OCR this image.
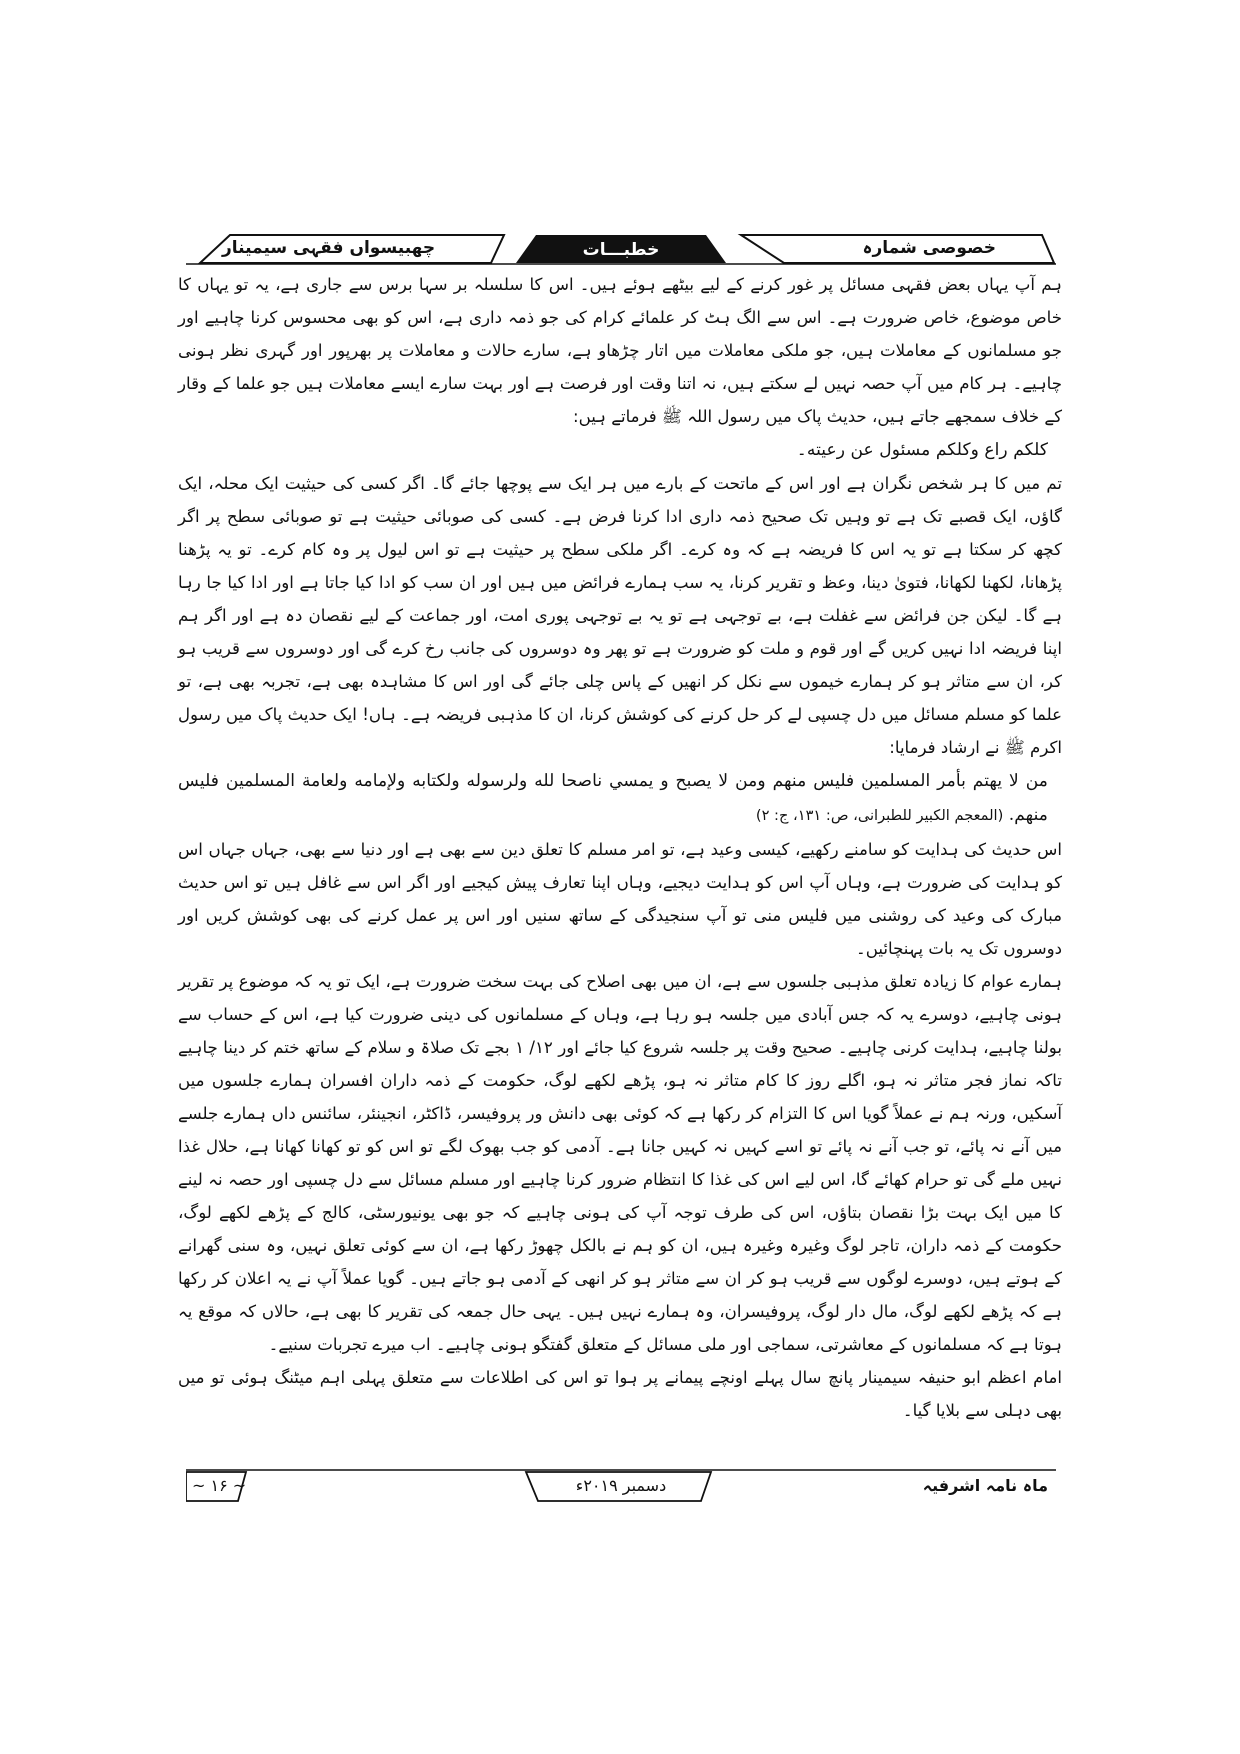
خصوصی شمارہ
خطبـــات
چھبیسواں فقہی سیمینار

ہم آپ یہاں بعض فقہی مسائل پر غور کرنے کے لیے بیٹھے ہوئے ہیں۔ اس کا سلسلہ بر سہا برس سے جاری ہے، یہ تو یہاں کا خاص موضوع، خاص ضرورت ہے۔ اس سے الگ ہٹ کر علمائے کرام کی جو ذمہ داری ہے، اس کو بھی محسوس کرنا چاہیے اور جو مسلمانوں کے معاملات ہیں، جو ملکی معاملات میں اتار چڑھاو ہے، سارے حالات و معاملات پر بھرپور اور گہری نظر ہونی چاہیے۔ ہر کام میں آپ حصہ نہیں لے سکتے ہیں، نہ اتنا وقت اور فرصت ہے اور بہت سارے ایسے معاملات ہیں جو علما کے وقار کے خلاف سمجھے جاتے ہیں، حدیث پاک میں رسول اللہ ﷺ فرماتے ہیں:

كلكم راع وكلكم مسئول عن رعيته۔

تم میں کا ہر شخص نگران ہے اور اس کے ماتحت کے بارے میں ہر ایک سے پوچھا جائے گا۔ اگر کسی کی حیثیت ایک محلہ، ایک گاؤں، ایک قصبے تک ہے تو وہیں تک صحیح ذمہ داری ادا کرنا فرض ہے۔ کسی کی صوبائی حیثیت ہے تو صوبائی سطح پر اگر کچھ کر سکتا ہے تو یہ اس کا فریضہ ہے کہ وہ کرے۔ اگر ملکی سطح پر حیثیت ہے تو اس لیول پر وہ کام کرے۔ تو یہ پڑھنا پڑھانا، لکھنا لکھانا، فتویٰ دینا، وعظ و تقریر کرنا، یہ سب ہمارے فرائض میں ہیں اور ان سب کو ادا کیا جاتا ہے اور ادا کیا جا رہا ہے گا۔ لیکن جن فرائض سے غفلت ہے، بے توجہی ہے تو یہ بے توجہی پوری امت، اور جماعت کے لیے نقصان دہ ہے اور اگر ہم اپنا فریضہ ادا نہیں کریں گے اور قوم و ملت کو ضرورت ہے تو پھر وہ دوسروں کی جانب رخ کرے گی اور دوسروں سے قریب ہو کر، ان سے متاثر ہو کر ہمارے خیموں سے نکل کر انھیں کے پاس چلی جائے گی اور اس کا مشاہدہ بھی ہے، تجربہ بھی ہے، تو علما کو مسلم مسائل میں دل چسپی لے کر حل کرنے کی کوشش کرنا، ان کا مذہبی فریضہ ہے۔ ہاں! ایک حدیث پاک میں رسول اکرم ﷺ نے ارشاد فرمایا:

من لا يهتم بأمر المسلمين فليس منهم ومن لا يصبح و يمسي ناصحا لله ولرسوله ولكتابه ولإمامه ولعامة المسلمين فليس منهم. (المعجم الکبیر للطبرانی، ص: ۱۳۱، ج: ۲)

اس حدیث کی ہدایت کو سامنے رکھیے، کیسی وعید ہے، تو امر مسلم کا تعلق دین سے بھی ہے اور دنیا سے بھی، جہاں جہاں اس کو ہدایت کی ضرورت ہے، وہاں آپ اس کو ہدایت دیجیے، وہاں اپنا تعارف پیش کیجیے اور اگر اس سے غافل ہیں تو اس حدیث مبارک کی وعید کی روشنی میں فلیس منی تو آپ سنجیدگی کے ساتھ سنیں اور اس پر عمل کرنے کی بھی کوشش کریں اور دوسروں تک یہ بات پہنچائیں۔

ہمارے عوام کا زیادہ تعلق مذہبی جلسوں سے ہے، ان میں بھی اصلاح کی بہت سخت ضرورت ہے، ایک تو یہ کہ موضوع پر تقریر ہونی چاہیے، دوسرے یہ کہ جس آبادی میں جلسہ ہو رہا ہے، وہاں کے مسلمانوں کی دینی ضرورت کیا ہے، اس کے حساب سے بولنا چاہیے، ہدایت کرنی چاہیے۔ صحیح وقت پر جلسہ شروع کیا جائے اور ۱۲/ ۱ بجے تک صلاۃ و سلام کے ساتھ ختم کر دینا چاہیے تاکہ نماز فجر متاثر نہ ہو، اگلے روز کا کام متاثر نہ ہو، پڑھے لکھے لوگ، حکومت کے ذمہ داران افسران ہمارے جلسوں میں آسکیں، ورنہ ہم نے عملاً گویا اس کا التزام کر رکھا ہے کہ کوئی بھی دانش ور پروفیسر، ڈاکٹر، انجینئر، سائنس داں ہمارے جلسے میں آنے نہ پائے، تو جب آنے نہ پائے تو اسے کہیں نہ کہیں جانا ہے۔ آدمی کو جب بھوک لگے تو اس کو تو کھانا کھانا ہے، حلال غذا نہیں ملے گی تو حرام کھائے گا، اس لیے اس کی غذا کا انتظام ضرور کرنا چاہیے اور مسلم مسائل سے دل چسپی اور حصہ نہ لینے کا میں ایک بہت بڑا نقصان بتاؤں، اس کی طرف توجہ آپ کی ہونی چاہیے کہ جو بھی یونیورسٹی، کالج کے پڑھے لکھے لوگ، حکومت کے ذمہ داران، تاجر لوگ وغیرہ وغیرہ ہیں، ان کو ہم نے بالکل چھوڑ رکھا ہے، ان سے کوئی تعلق نہیں، وہ سنی گھرانے کے ہوتے ہیں، دوسرے لوگوں سے قریب ہو کر ان سے متاثر ہو کر انھی کے آدمی ہو جاتے ہیں۔ گویا عملاً آپ نے یہ اعلان کر رکھا ہے کہ پڑھے لکھے لوگ، مال دار لوگ، پروفیسران، وہ ہمارے نہیں ہیں۔ یہی حال جمعہ کی تقریر کا بھی ہے، حالاں کہ موقع یہ ہوتا ہے کہ مسلمانوں کے معاشرتی، سماجی اور ملی مسائل کے متعلق گفتگو ہونی چاہیے۔ اب میرے تجربات سنیے۔

امام اعظم ابو حنیفہ سیمینار پانچ سال پہلے اونچے پیمانے پر ہوا تو اس کی اطلاعات سے متعلق پہلی اہم میٹنگ ہوئی تو میں بھی دہلی سے بلایا گیا۔

ماہ نامہ اشرفیہ
دسمبر ۲۰۱۹ء
~ ۱۶ ~
